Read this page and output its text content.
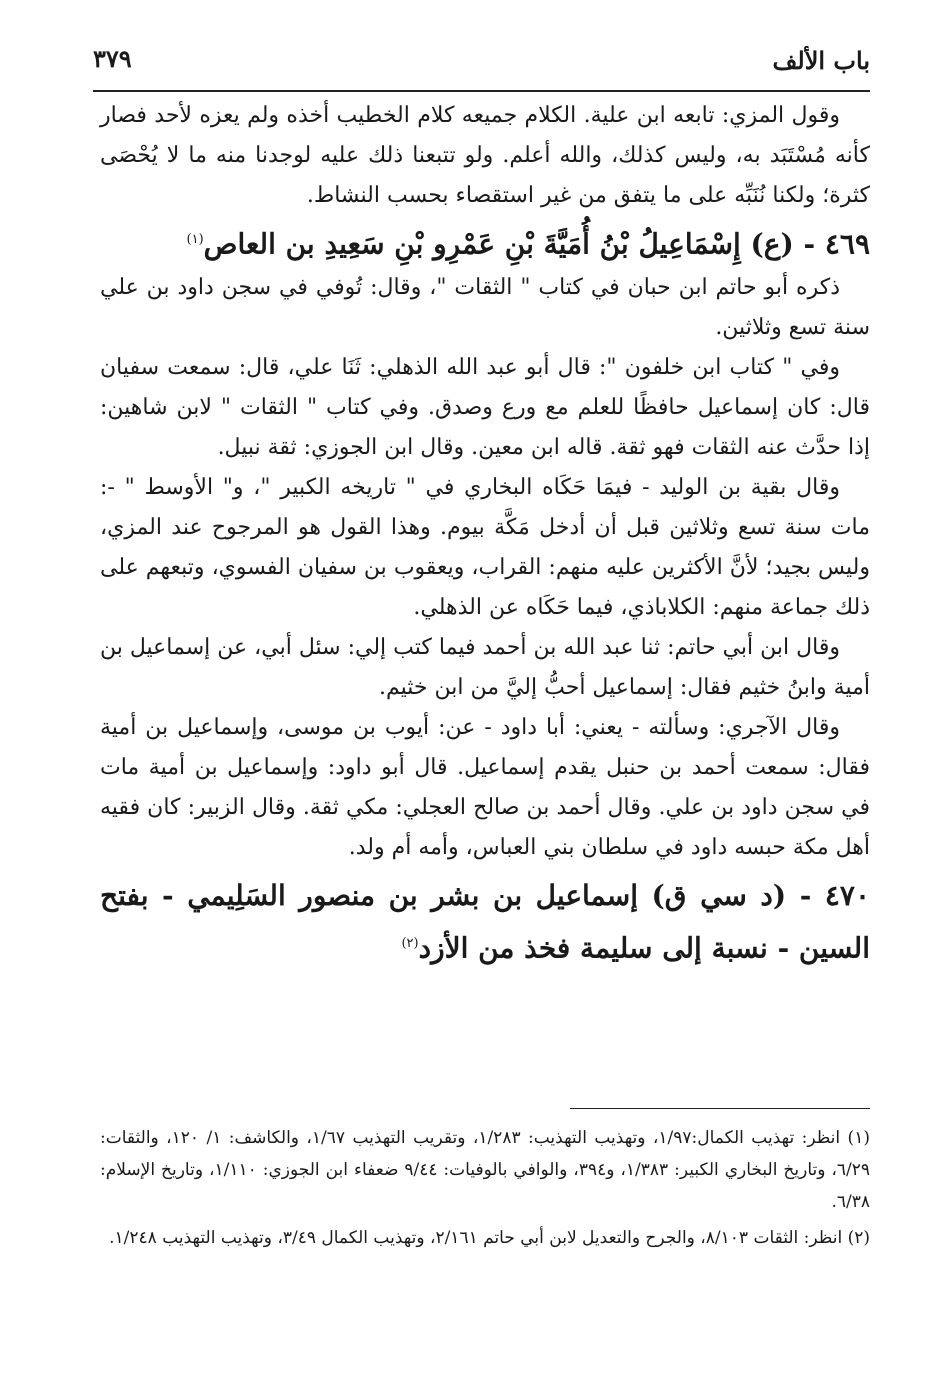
باب الألف
٣٧٩

وقول المزي: تابعه ابن علية. الكلام جميعه كلام الخطيب أخذه ولم يعزه لأحد فصار كأنه مُسْتَبَد به، وليس كذلك، والله أعلم. ولو تتبعنا ذلك عليه لوجدنا منه ما لا يُحْصَى كثرة؛ ولكنا نُنَبِّه على ما يتفق من غير استقصاء بحسب النشاط.

٤٦٩ - (ع) إِسْمَاعِيلُ بْنُ أُمَيَّةَ بْنِ عَمْرِو بْنِ سَعِيدِ بن العاص$^{(١)}$

ذكره أبو حاتم ابن حبان في كتاب " الثقات "، وقال: تُوفي في سجن داود بن علي سنة تسع وثلاثين.

وفي " كتاب ابن خلفون ": قال أبو عبد الله الذهلي: ثَنَا علي، قال: سمعت سفيان قال: كان إسماعيل حافظًا للعلم مع ورع وصدق. وفي كتاب " الثقات " لابن شاهين: إذا حدَّث عنه الثقات فهو ثقة. قاله ابن معين. وقال ابن الجوزي: ثقة نبيل.

وقال بقية بن الوليد - فيمَا حَكَاه البخاري في " تاريخه الكبير "، و" الأوسط " -: مات سنة تسع وثلاثين قبل أن أدخل مَكَّة بيوم. وهذا القول هو المرجوح عند المزي، وليس بجيد؛ لأنَّ الأكثرين عليه منهم: القراب، ويعقوب بن سفيان الفسوي، وتبعهم على ذلك جماعة منهم: الكلاباذي، فيما حَكَاه عن الذهلي.

وقال ابن أبي حاتم: ثنا عبد الله بن أحمد فيما كتب إلي: سئل أبي، عن إسماعيل بن أمية وابنُ خثيم فقال: إسماعيل أحبُّ إليَّ من ابن خثيم.

وقال الآجري: وسألته - يعني: أبا داود - عن: أيوب بن موسى، وإسماعيل بن أمية فقال: سمعت أحمد بن حنبل يقدم إسماعيل. قال أبو داود: وإسماعيل بن أمية مات في سجن داود بن علي. وقال أحمد بن صالح العجلي: مكي ثقة. وقال الزبير: كان فقيه أهل مكة حبسه داود في سلطان بني العباس، وأمه أم ولد.

٤٧٠ - (د سي ق) إسماعيل بن بشر بن منصور السَلِيمي - بفتح السين - نسبة إلى سليمة فخذ من الأزد$^{(٢)}$

(١) انظر: تهذيب الكمال:١/٩٧، وتهذيب التهذيب: ١/٢٨٣، وتقريب التهذيب ١/٦٧، والكاشف: ١/ ١٢٠، والثقات: ٦/٢٩، وتاريخ البخاري الكبير: ١/٣٨٣، و٣٩٤، والوافي بالوفيات: ٩/٤٤ ضعفاء ابن الجوزي: ١/١١٠، وتاريخ الإسلام: ٦/٣٨.

(٢) انظر: الثقات ٨/١٠٣، والجرح والتعديل لابن أبي حاتم ٢/١٦١، وتهذيب الكمال ٣/٤٩، وتهذيب التهذيب ١/٢٤٨.
